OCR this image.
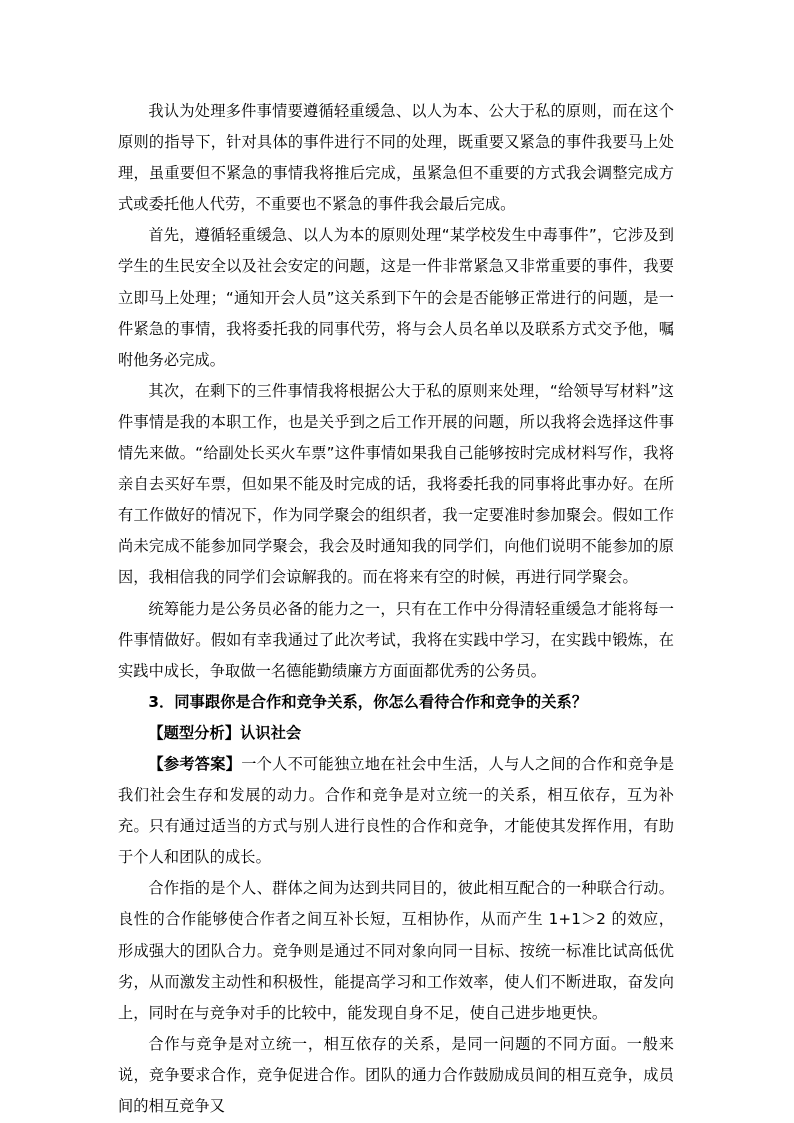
我认为处理多件事情要遵循轻重缓急、以人为本、公大于私的原则，而在这个原则的指导下，针对具体的事件进行不同的处理，既重要又紧急的事件我要马上处理，虽重要但不紧急的事情我将推后完成，虽紧急但不重要的方式我会调整完成方式或委托他人代劳，不重要也不紧急的事件我会最后完成。

首先，遵循轻重缓急、以人为本的原则处理“某学校发生中毒事件”，它涉及到学生的生民安全以及社会安定的问题，这是一件非常紧急又非常重要的事件，我要立即马上处理；“通知开会人员”这关系到下午的会是否能够正常进行的问题，是一件紧急的事情，我将委托我的同事代劳，将与会人员名单以及联系方式交予他，嘱咐他务必完成。

其次，在剩下的三件事情我将根据公大于私的原则来处理，“给领导写材料”这件事情是我的本职工作，也是关乎到之后工作开展的问题，所以我将会选择这件事情先来做。“给副处长买火车票”这件事情如果我自己能够按时完成材料写作，我将亲自去买好车票，但如果不能及时完成的话，我将委托我的同事将此事办好。在所有工作做好的情况下，作为同学聚会的组织者，我一定要准时参加聚会。假如工作尚未完成不能参加同学聚会，我会及时通知我的同学们，向他们说明不能参加的原因，我相信我的同学们会谅解我的。而在将来有空的时候，再进行同学聚会。

统筹能力是公务员必备的能力之一，只有在工作中分得清轻重缓急才能将每一件事情做好。假如有幸我通过了此次考试，我将在实践中学习，在实践中锻炼，在实践中成长，争取做一名德能勤绩廉方方面面都优秀的公务员。

3．同事跟你是合作和竞争关系，你怎么看待合作和竞争的关系？

【题型分析】认识社会

【参考答案】一个人不可能独立地在社会中生活，人与人之间的合作和竞争是我们社会生存和发展的动力。合作和竞争是对立统一的关系，相互依存，互为补充。只有通过适当的方式与别人进行良性的合作和竞争，才能使其发挥作用，有助于个人和团队的成长。

合作指的是个人、群体之间为达到共同目的，彼此相互配合的一种联合行动。良性的合作能够使合作者之间互补长短，互相协作，从而产生 1+1＞2 的效应，形成强大的团队合力。竞争则是通过不同对象向同一目标、按统一标准比试高低优劣，从而激发主动性和积极性，能提高学习和工作效率，使人们不断进取，奋发向上，同时在与竞争对手的比较中，能发现自身不足，使自己进步地更快。

合作与竞争是对立统一，相互依存的关系，是同一问题的不同方面。一般来说，竞争要求合作，竞争促进合作。团队的通力合作鼓励成员间的相互竞争，成员间的相互竞争又
